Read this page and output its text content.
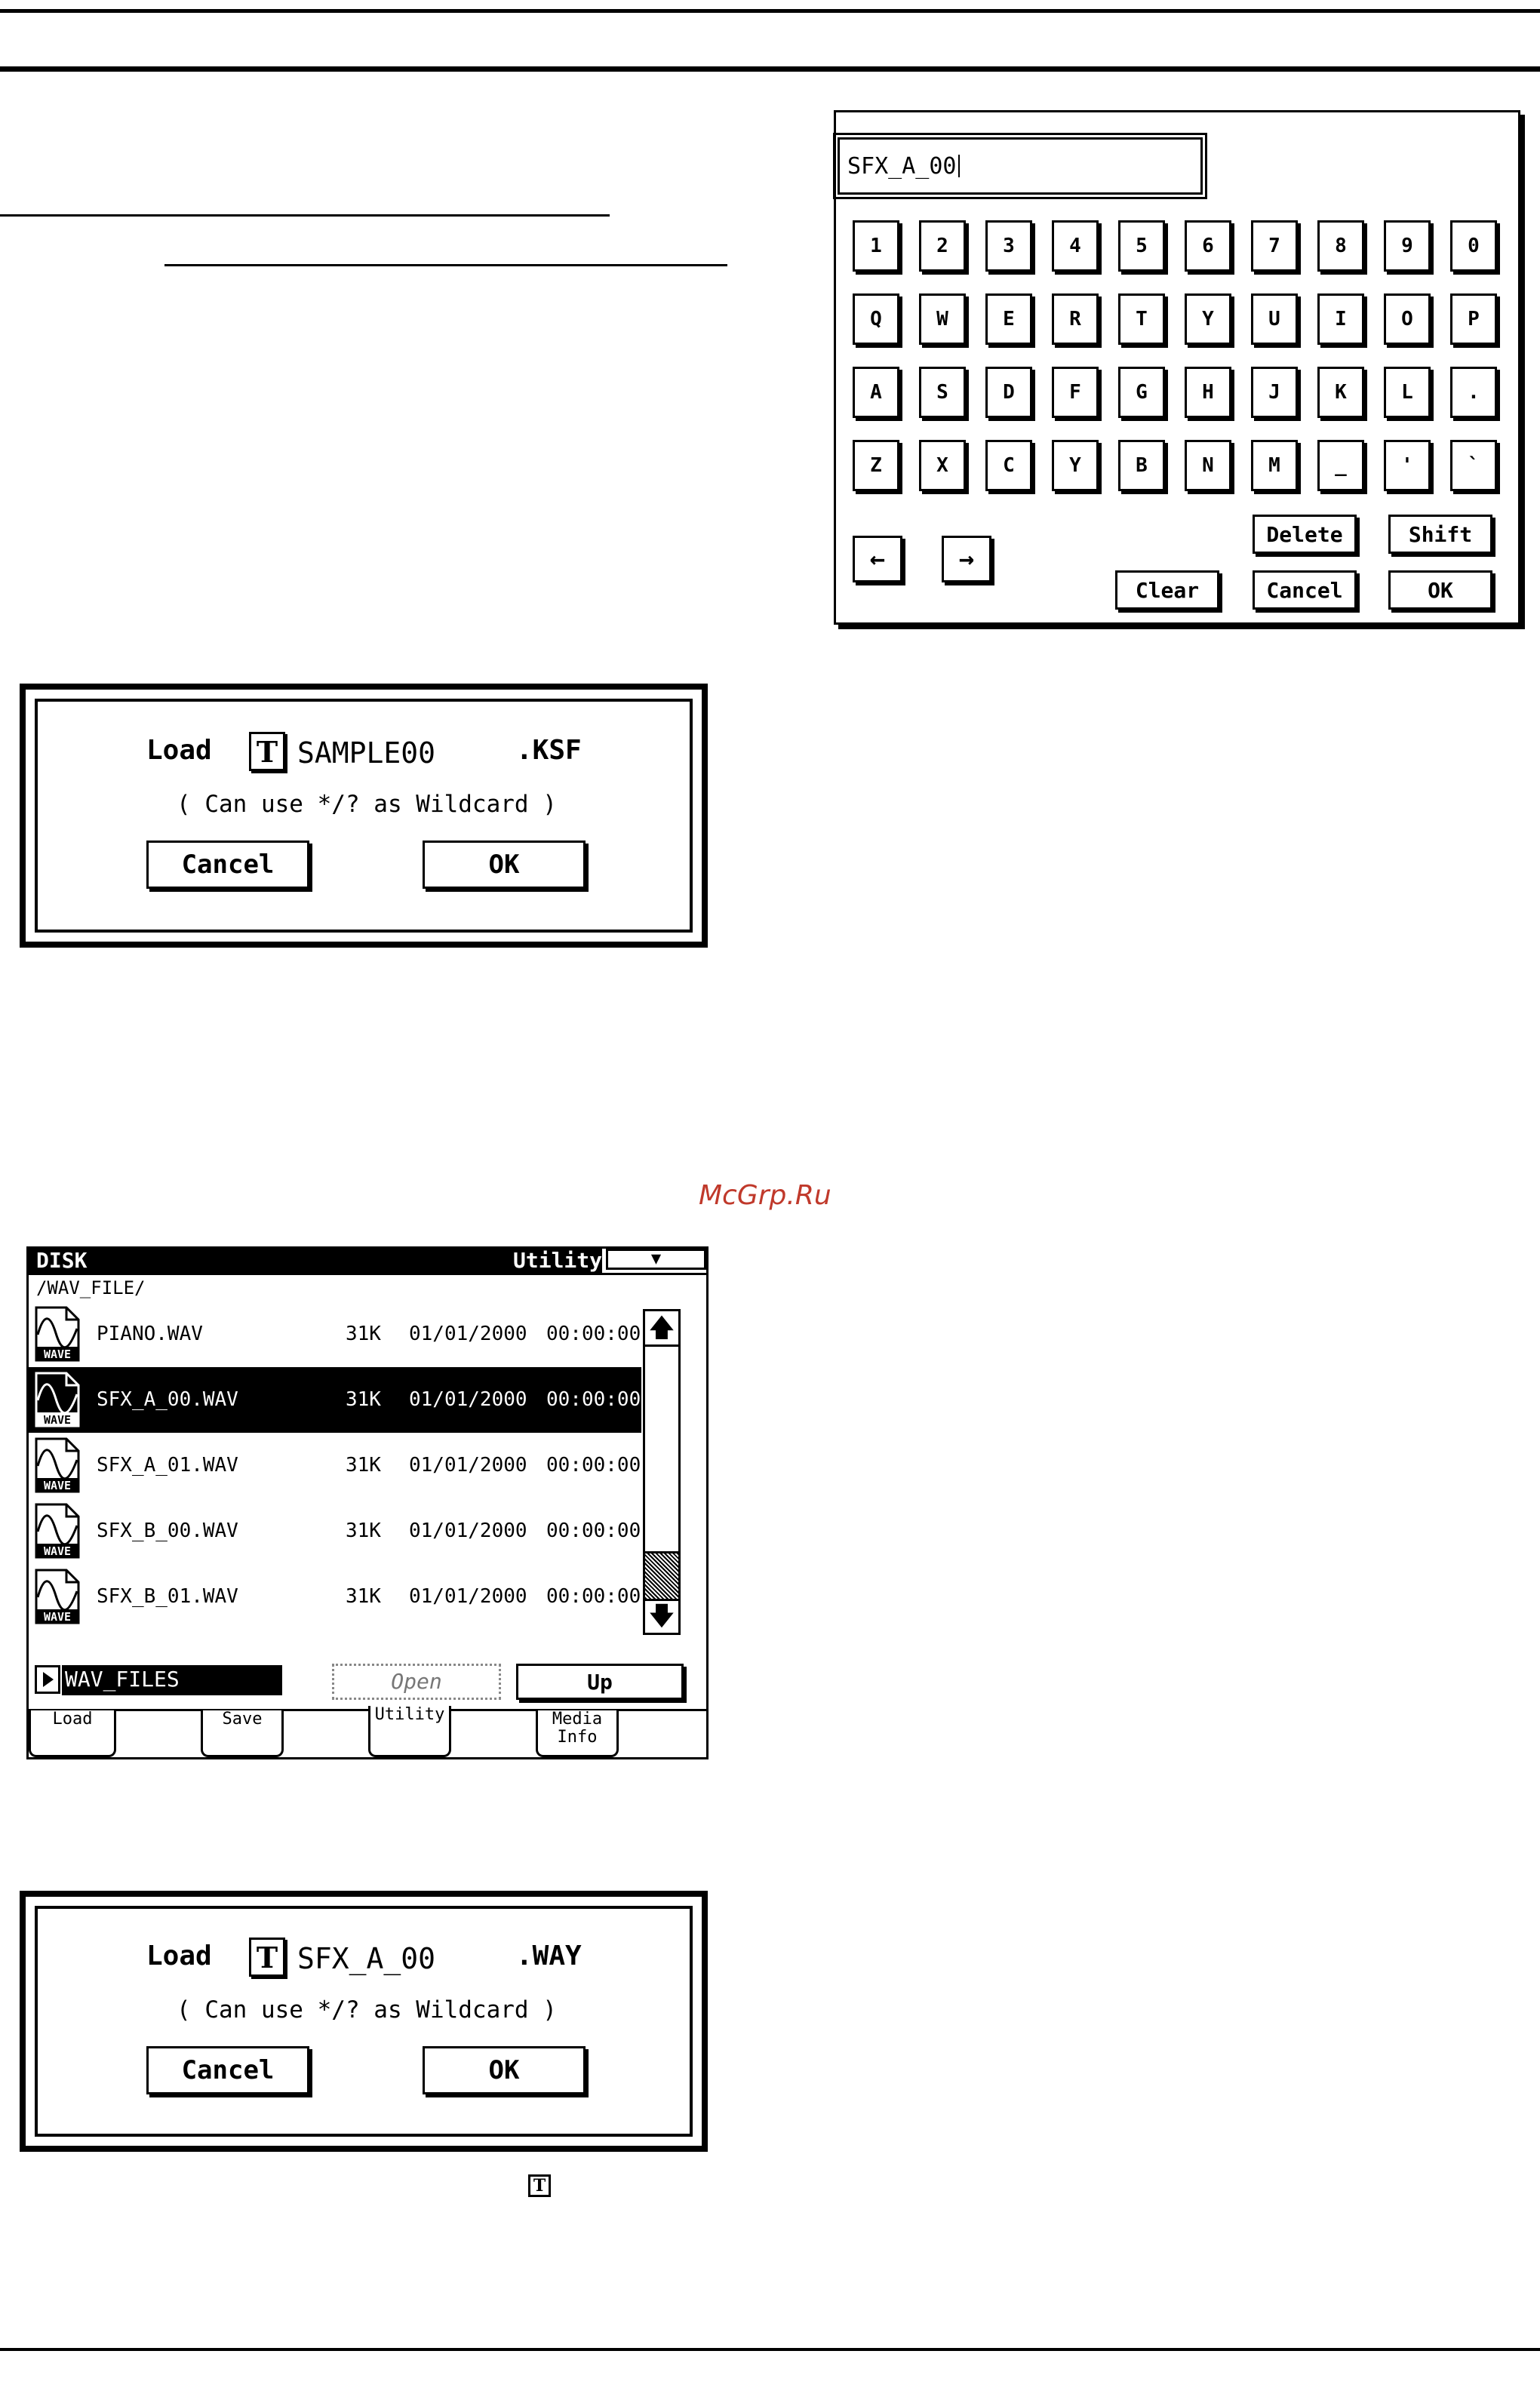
McGrp.Ru
SFX_A_00
1	2	3	4	5	6	7	8	9	0
Q	W	E	R	T	Y	U	I	O	P
A	S	D	F	G	H	J	K	L	.
Z	X	C	Y	B	N	M	_	'	`
←	→
Delete	Shift
Clear	Cancel	OK
Load T SAMPLE00	.KSF
( Can use */? as Wildcard )
Cancel	OK
DISK	Utility	▼
/WAV_FILE/
WAVE
PIANO.WAV	31K 01/01/2000 00:00:00
WAVE
SFX_A_00.WAV	31K 01/01/2000 00:00:00
WAVE
SFX_A_01.WAV	31K 01/01/2000 00:00:00
WAVE
SFX_B_00.WAV	31K 01/01/2000 00:00:00
WAVE
SFX_B_01.WAV	31K 01/01/2000 00:00:00
🡅
🡇
WAV_FILES	Open	Up
Load	Save	Utility	Media Info
Load T SFX_A_00	.WAY
( Can use */? as Wildcard )
Cancel	OK
T
